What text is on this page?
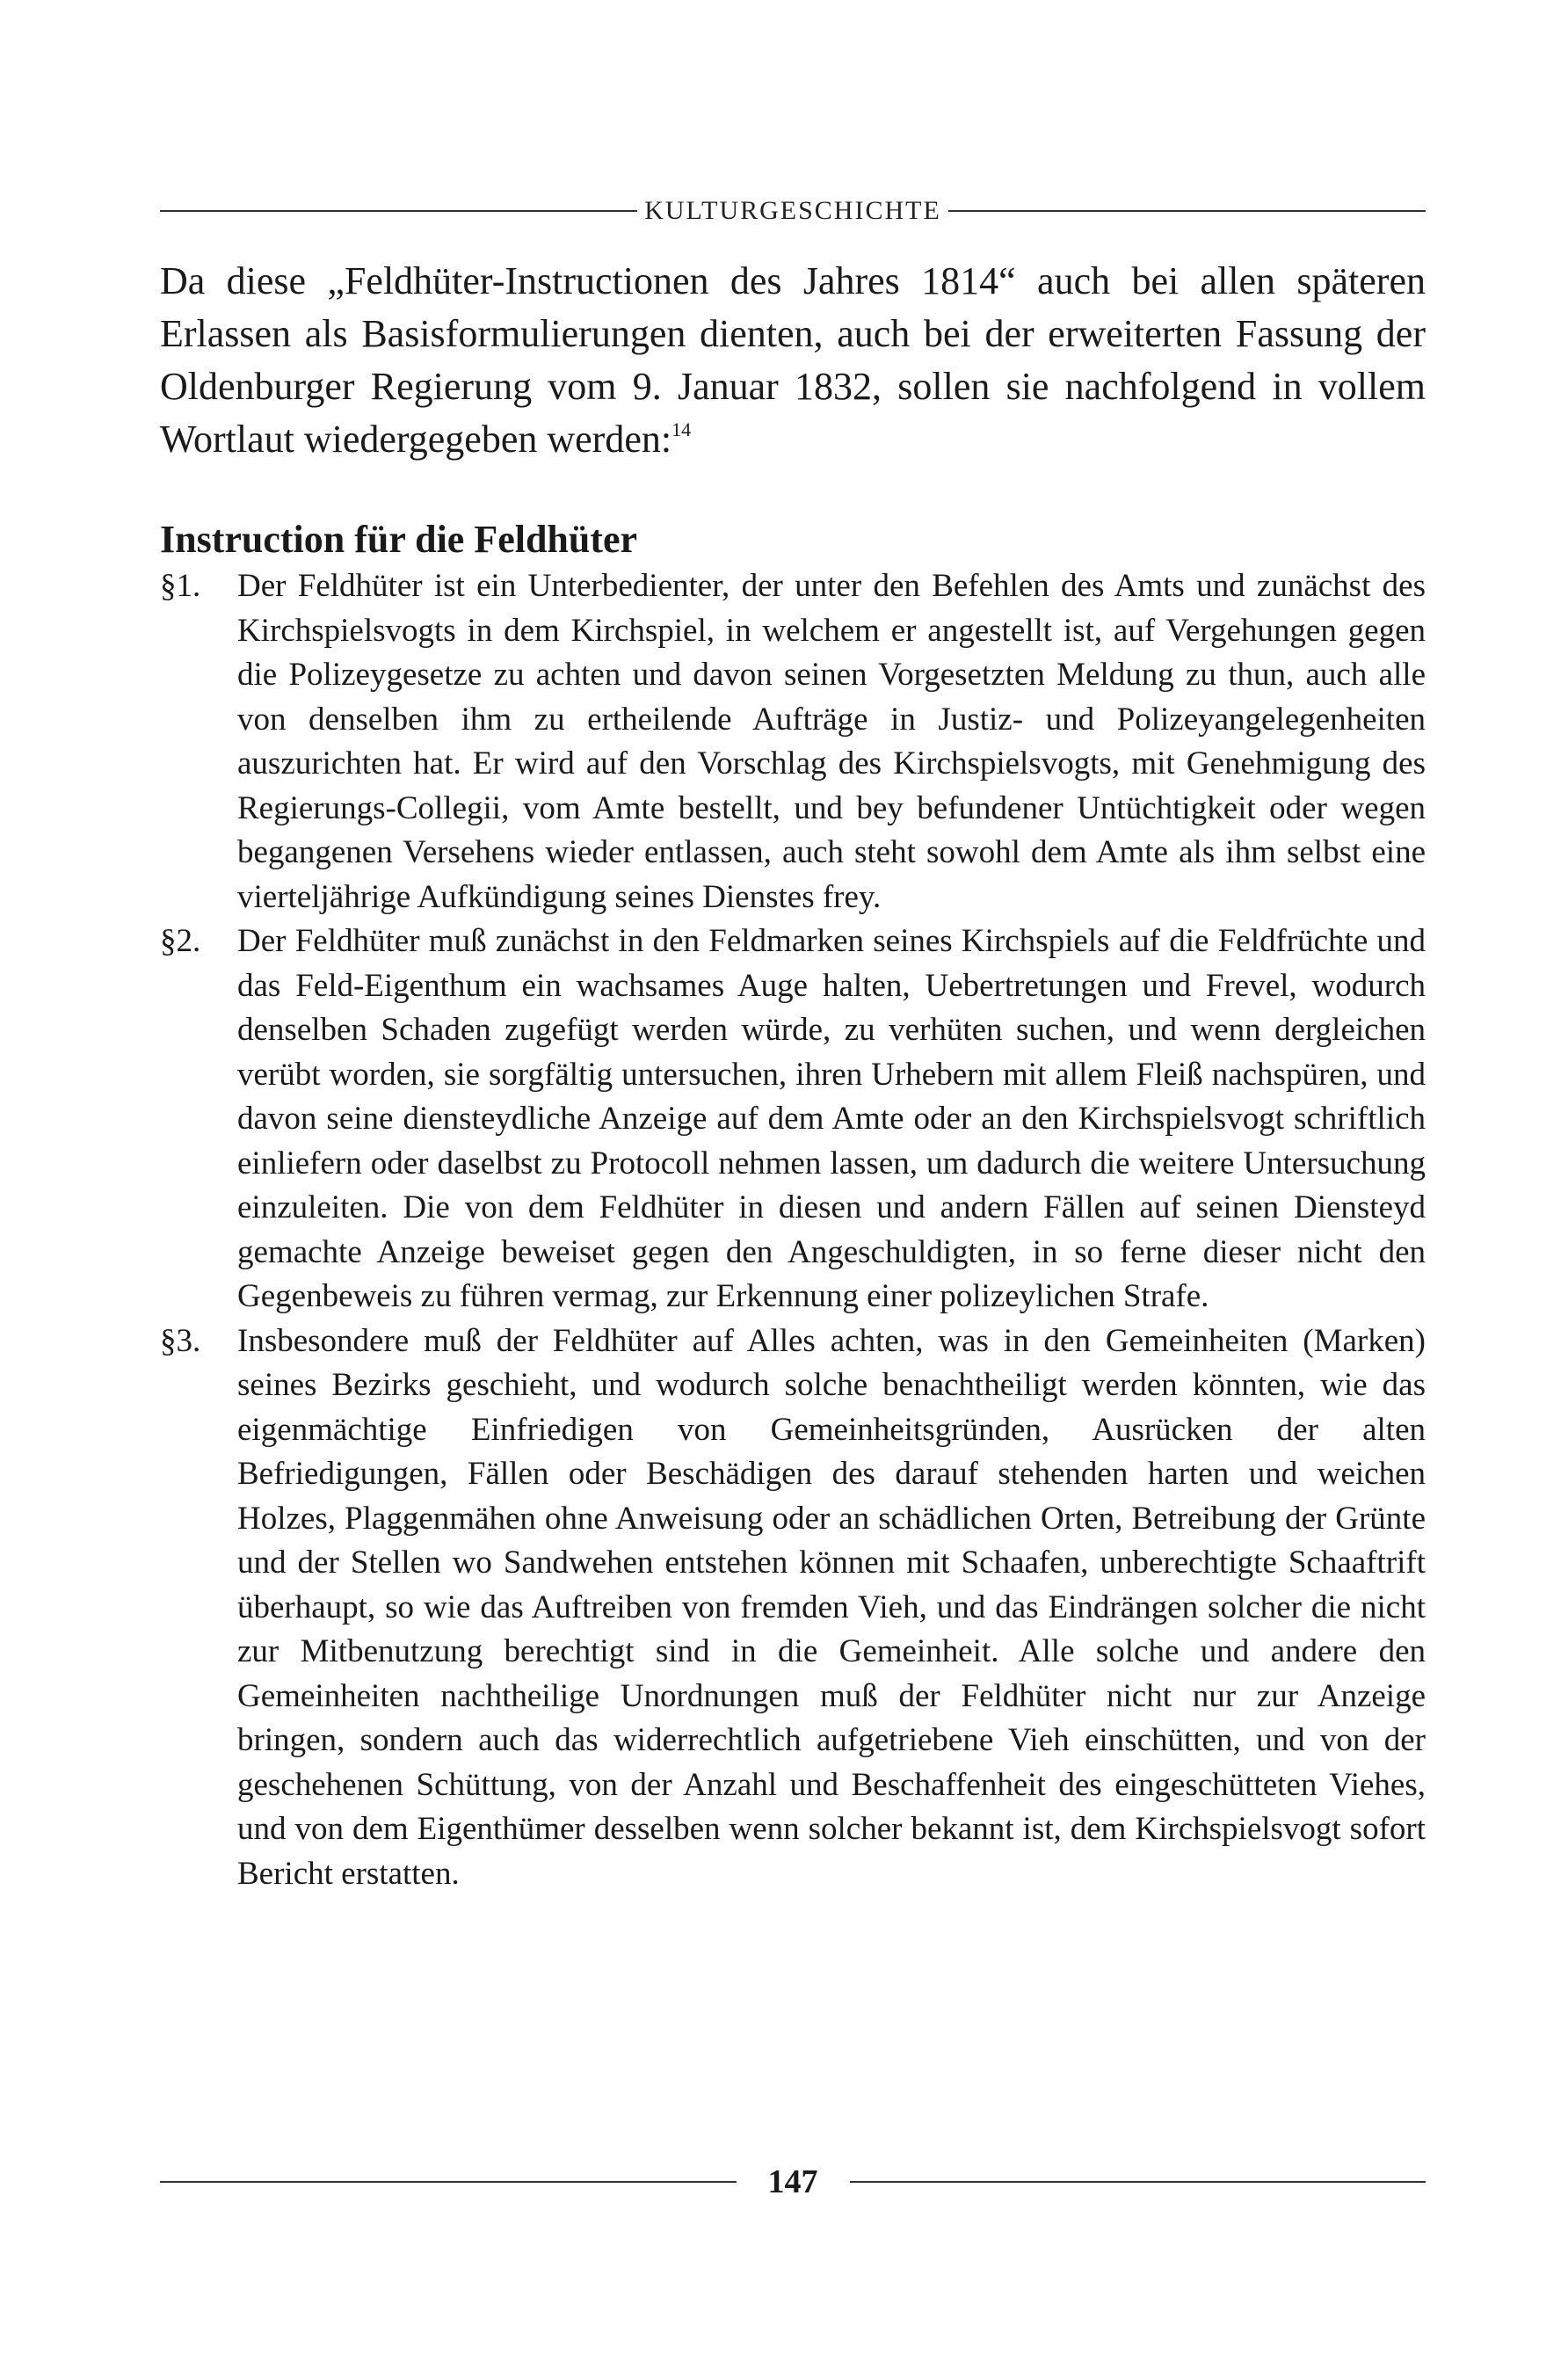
KULTURGESCHICHTE
Da diese „Feldhüter-Instructionen des Jahres 1814“ auch bei allen späteren Erlassen als Basisformulierungen dienten, auch bei der erweiterten Fassung der Oldenburger Regierung vom 9. Januar 1832, sollen sie nachfolgend in vollem Wortlaut wiedergegeben werden:$^{14}$
Instruction für die Feldhüter
§1.	Der Feldhüter ist ein Unterbedienter, der unter den Befehlen des Amts und zunächst des Kirchspielsvogts in dem Kirchspiel, in welchem er angestellt ist, auf Vergehungen gegen die Polizeygesetze zu achten und davon seinen Vorgesetzten Meldung zu thun, auch alle von denselben ihm zu ertheilende Aufträge in Justiz- und Polizeyangelegenheiten auszurichten hat. Er wird auf den Vorschlag des Kirchspielsvogts, mit Genehmigung des Regierungs-Collegii, vom Amte bestellt, und bey befundener Untüchtigkeit oder wegen begangenen Versehens wieder entlassen, auch steht sowohl dem Amte als ihm selbst eine vierteljährige Aufkündigung seines Dienstes frey.
§2.	Der Feldhüter muß zunächst in den Feldmarken seines Kirchspiels auf die Feldfrüchte und das Feld-Eigenthum ein wachsames Auge halten, Uebertretungen und Frevel, wodurch denselben Schaden zugefügt werden würde, zu verhüten suchen, und wenn dergleichen verübt worden, sie sorgfältig untersuchen, ihren Urhebern mit allem Fleiß nachspüren, und davon seine diensteydliche Anzeige auf dem Amte oder an den Kirchspielsvogt schriftlich einliefern oder daselbst zu Protocoll nehmen lassen, um dadurch die weitere Untersuchung einzuleiten. Die von dem Feldhüter in diesen und andern Fällen auf seinen Diensteyd gemachte Anzeige beweiset gegen den Angeschuldigten, in so ferne dieser nicht den Gegenbeweis zu führen vermag, zur Erkennung einer polizeylichen Strafe.
§3.	Insbesondere muß der Feldhüter auf Alles achten, was in den Gemeinheiten (Marken) seines Bezirks geschieht, und wodurch solche benachtheiligt werden könnten, wie das eigenmächtige Einfriedigen von Gemeinheitsgründen, Ausrücken der alten Befriedigungen, Fällen oder Beschädigen des darauf stehenden harten und weichen Holzes, Plaggenmähen ohne Anweisung oder an schädlichen Orten, Betreibung der Grünte und der Stellen wo Sandwehen entstehen können mit Schaafen, unberechtigte Schaaftrift überhaupt, so wie das Auftreiben von fremden Vieh, und das Eindrängen solcher die nicht zur Mitbenutzung berechtigt sind in die Gemeinheit. Alle solche und andere den Gemeinheiten nachtheilige Unordnungen muß der Feldhüter nicht nur zur Anzeige bringen, sondern auch das widerrechtlich aufgetriebene Vieh einschütten, und von der geschehenen Schüttung, von der Anzahl und Beschaffenheit des eingeschütteten Viehes, und von dem Eigenthümer desselben wenn solcher bekannt ist, dem Kirchspielsvogt sofort Bericht erstatten.
147
